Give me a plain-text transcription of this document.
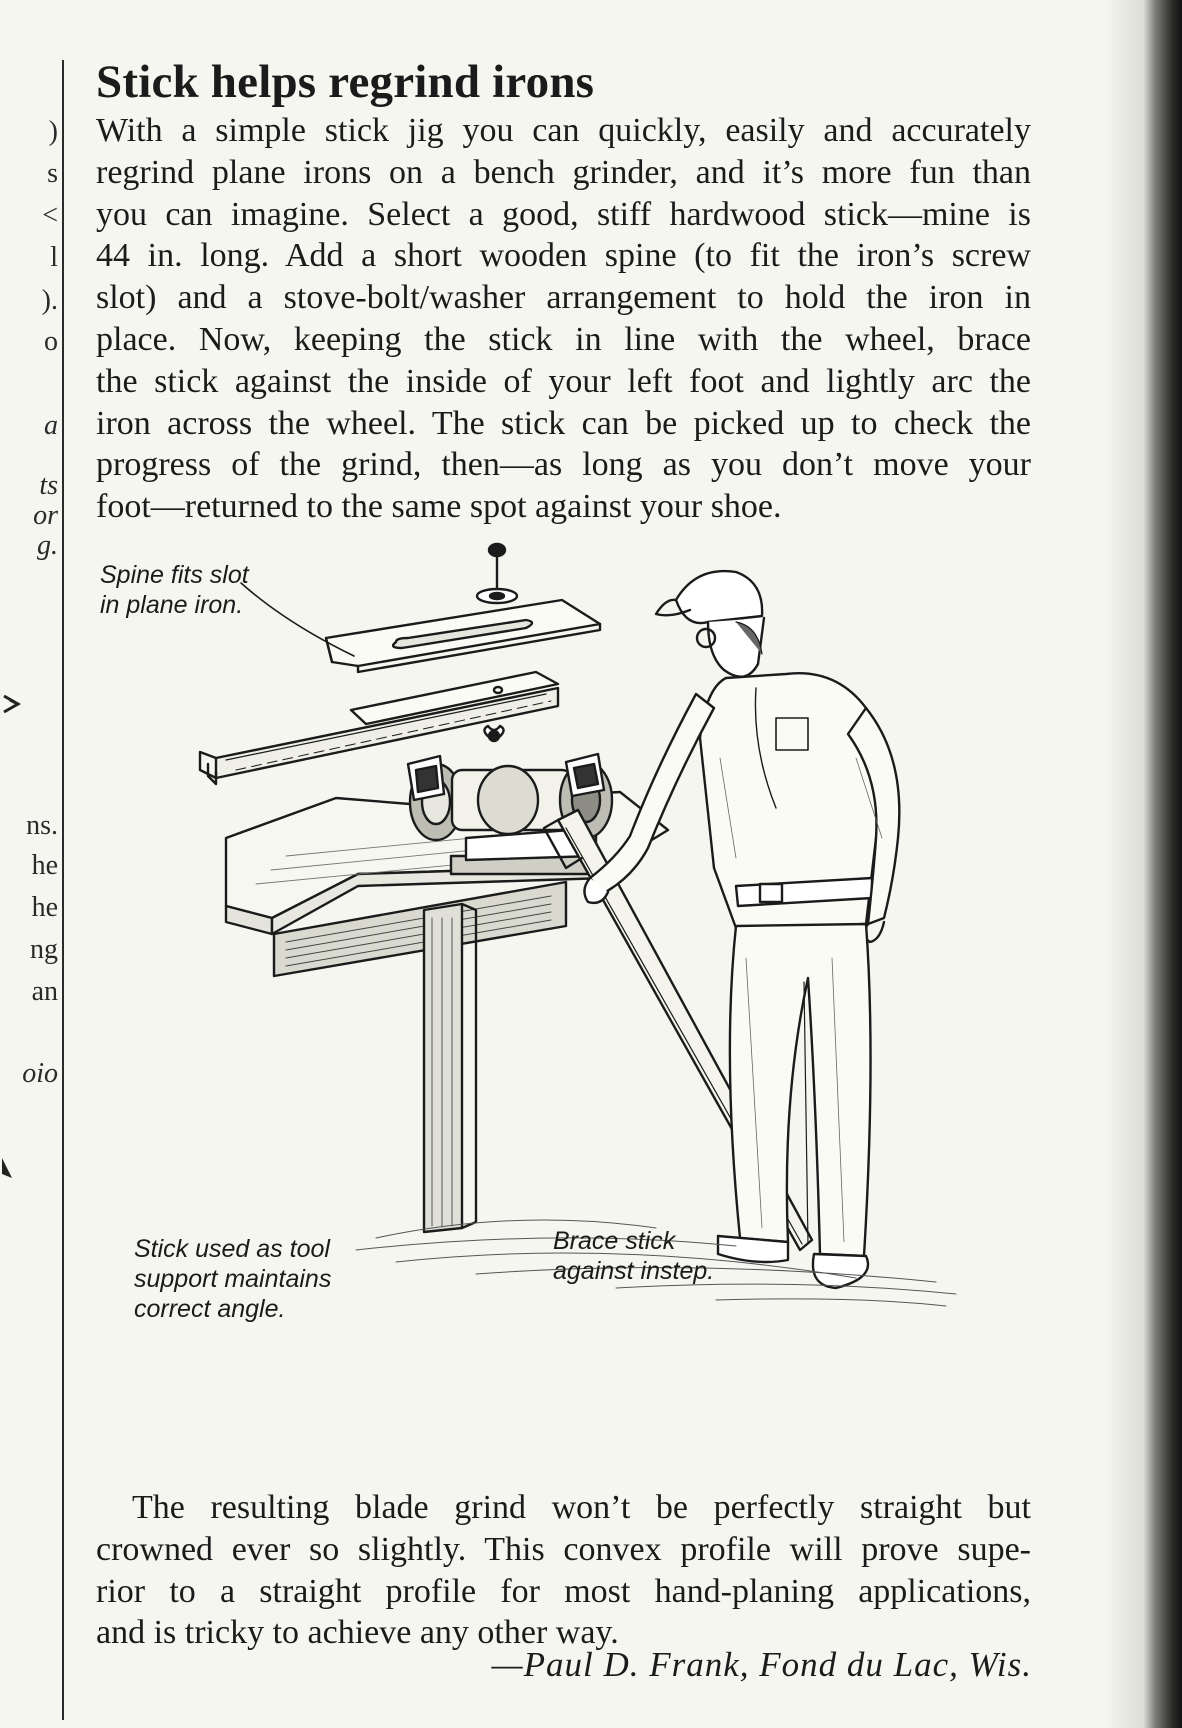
)
s
<
l
).
o
a
ts
or
g.
ns.
he
he
ng
an
oio
Stick helps regrind irons
With a simple stick jig you can quickly, easily and accurately
regrind plane irons on a bench grinder, and it’s more fun than
you can imagine. Select a good, stiff hardwood stick—mine is
44 in. long. Add a short wooden spine (to fit the iron’s screw
slot) and a stove-bolt/washer arrangement to hold the iron in
place. Now, keeping the stick in line with the wheel, brace
the stick against the inside of your left foot and lightly arc the
iron across the wheel. The stick can be picked up to check the
progress of the grind, then—as long as you don’t move your
foot—returned to the same spot against your shoe.
Spine fits slot
in plane iron.
Stick used as tool
support maintains
correct angle.
Brace stick
against instep.
The resulting blade grind won’t be perfectly straight but
crowned ever so slightly. This convex profile will prove supe-
rior to a straight profile for most hand-planing applications,
and is tricky to achieve any other way.
—Paul D. Frank, Fond du Lac, Wis.
